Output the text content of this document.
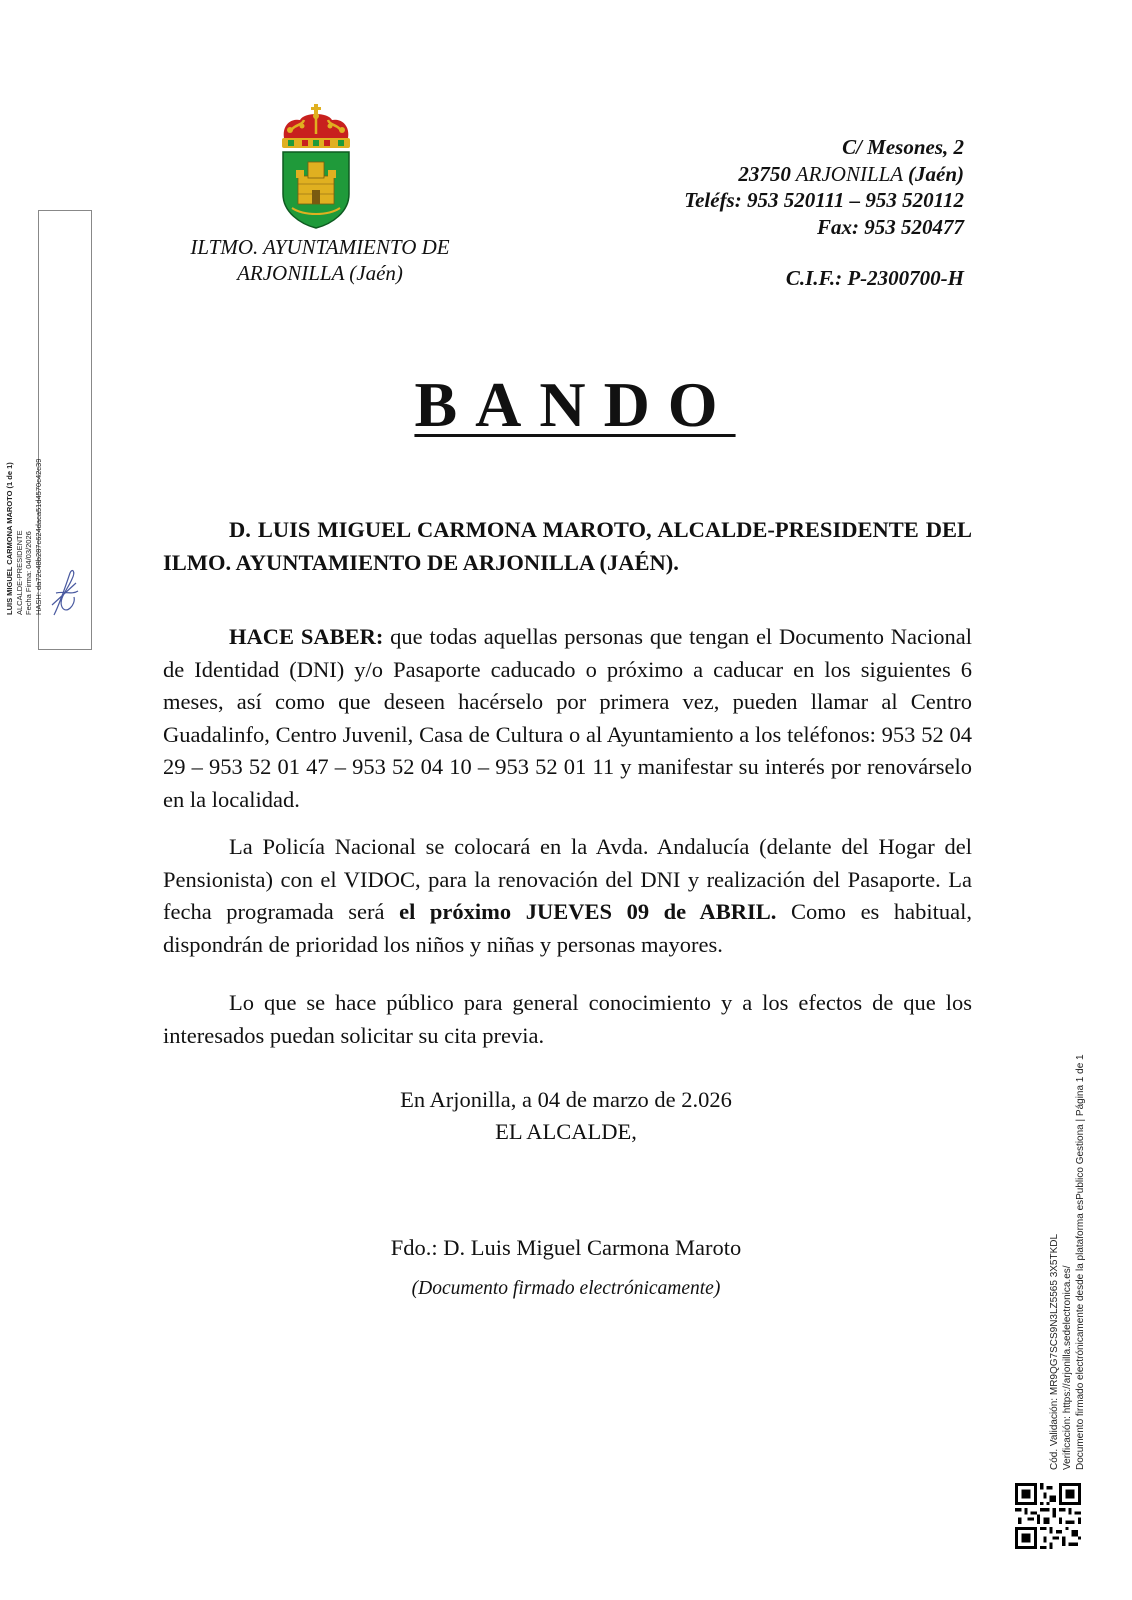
LUIS MIGUEL CARMONA MAROTO (1 de 1) ALCALDE-PRESIDENTE Fecha Firma: 04/03/2026 HASH: da72c48b287c624daca51d4570c42c39
ILTMO. AYUNTAMIENTO DE
ARJONILLA (Jaén)
C/ Mesones, 2
23750 ARJONILLA (Jaén)
Teléfs: 953 520111 – 953 520112
Fax: 953 520477
C.I.F.: P-2300700-H
BANDO
D. LUIS MIGUEL CARMONA MAROTO, ALCALDE-PRESIDENTE DEL ILMO. AYUNTAMIENTO DE ARJONILLA (JAÉN).
HACE SABER: que todas aquellas personas que tengan el Documento Nacional de Identidad (DNI) y/o Pasaporte caducado o próximo a caducar en los siguientes 6 meses, así como que deseen hacérselo por primera vez, pueden llamar al Centro Guadalinfo, Centro Juvenil, Casa de Cultura o al Ayuntamiento a los teléfonos: 953 52 04 29 – 953 52 01 47 – 953 52 04 10 – 953 52 01 11 y manifestar su interés por renovárselo en la localidad.
La Policía Nacional se colocará en la Avda. Andalucía (delante del Hogar del Pensionista) con el VIDOC, para la renovación del DNI y realización del Pasaporte. La fecha programada será el próximo JUEVES 09 de ABRIL. Como es habitual, dispondrán de prioridad los niños y niñas y personas mayores.
Lo que se hace público para general conocimiento y a los efectos de que los interesados puedan solicitar su cita previa.
En Arjonilla, a 04 de marzo de 2.026
EL ALCALDE,
Fdo.: D. Luis Miguel Carmona Maroto
(Documento firmado electrónicamente)	Cód. Validación: MR9QG7SCS9N3LZ5565 3X5TKDL Verificación: https://arjonilla.sedelectronica.es/ Documento firmado electrónicamente desde la plataforma esPublico Gestiona | Página 1 de 1
